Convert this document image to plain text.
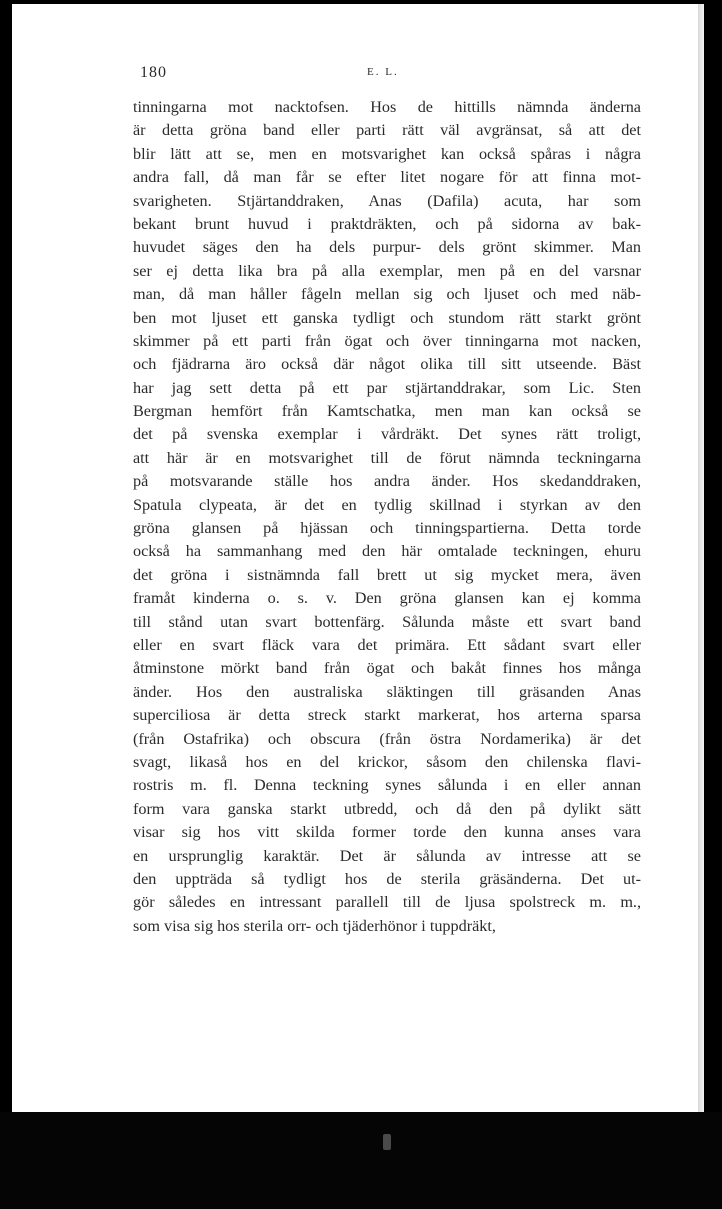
180	E. L.
tinningarna mot nacktofsen. Hos de hittills nämnda änderna
är detta gröna band eller parti rätt väl avgränsat, så att det
blir lätt att se, men en motsvarighet kan också spåras i några
andra fall, då man får se efter litet nogare för att finna mot-
svarigheten. Stjärtanddraken, Anas (Dafila) acuta, har som
bekant brunt huvud i praktdräkten, och på sidorna av bak-
huvudet säges den ha dels purpur- dels grönt skimmer. Man
ser ej detta lika bra på alla exemplar, men på en del varsnar
man, då man håller fågeln mellan sig och ljuset och med näb-
ben mot ljuset ett ganska tydligt och stundom rätt starkt grönt
skimmer på ett parti från ögat och över tinningarna mot nacken,
och fjädrarna äro också där något olika till sitt utseende. Bäst
har jag sett detta på ett par stjärtanddrakar, som Lic. Sten
Bergman hemfört från Kamtschatka, men man kan också se
det på svenska exemplar i vårdräkt. Det synes rätt troligt,
att här är en motsvarighet till de förut nämnda teckningarna
på motsvarande ställe hos andra änder. Hos skedanddraken,
Spatula clypeata, är det en tydlig skillnad i styrkan av den
gröna glansen på hjässan och tinningspartierna. Detta torde
också ha sammanhang med den här omtalade teckningen, ehuru
det gröna i sistnämnda fall brett ut sig mycket mera, även
framåt kinderna o. s. v. Den gröna glansen kan ej komma
till stånd utan svart bottenfärg. Sålunda måste ett svart band
eller en svart fläck vara det primära. Ett sådant svart eller
åtminstone mörkt band från ögat och bakåt finnes hos många
änder. Hos den australiska släktingen till gräsanden Anas
superciliosa är detta streck starkt markerat, hos arterna sparsa
(från Ostafrika) och obscura (från östra Nordamerika) är det
svagt, likaså hos en del krickor, såsom den chilenska flavi-
rostris m. fl. Denna teckning synes sålunda i en eller annan
form vara ganska starkt utbredd, och då den på dylikt sätt
visar sig hos vitt skilda former torde den kunna anses vara
en ursprunglig karaktär. Det är sålunda av intresse att se
den uppträda så tydligt hos de sterila gräsänderna. Det ut-
gör således en intressant parallell till de ljusa spolstreck m. m.,
som visa sig hos sterila orr- och tjäderhönor i tuppdräkt,
